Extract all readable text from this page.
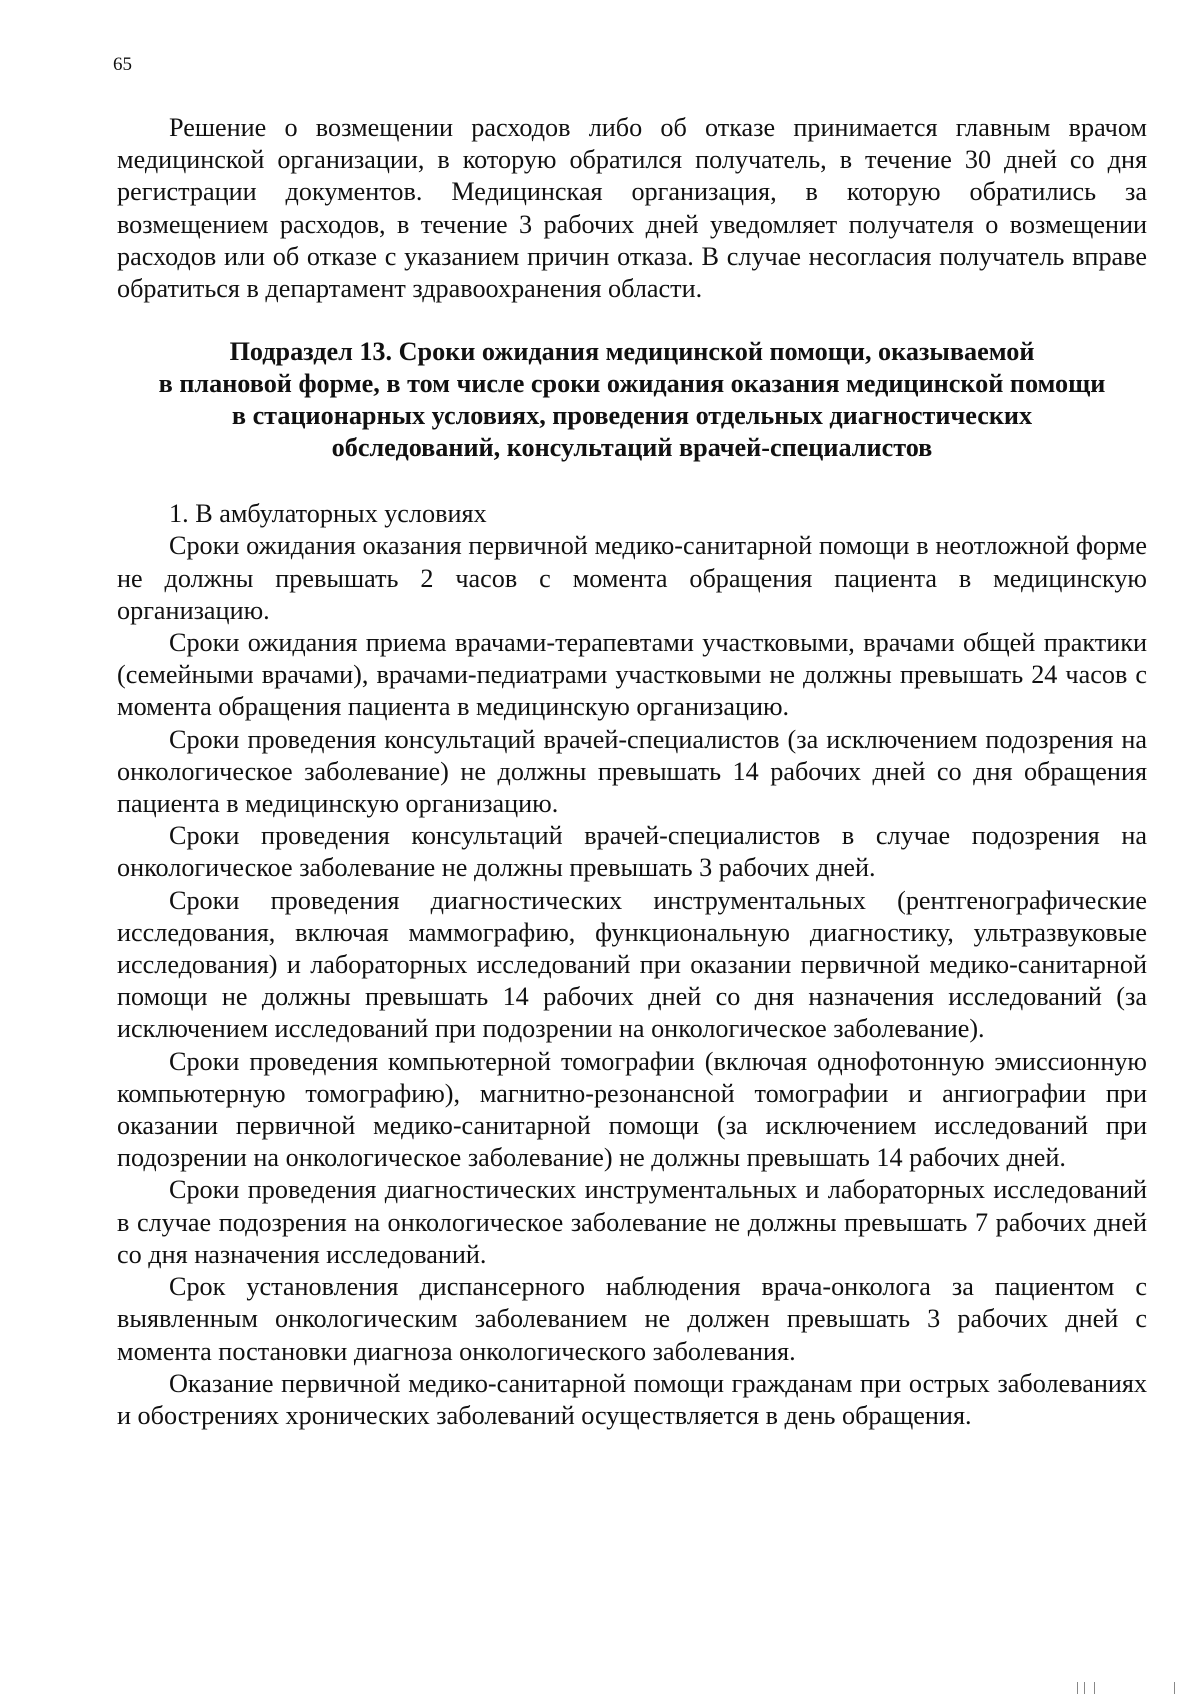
65

Решение о возмещении расходов либо об отказе принимается главным врачом медицинской организации, в которую обратился получатель, в течение 30 дней со дня регистрации документов. Медицинская организация, в которую обратились за возмещением расходов, в течение 3 рабочих дней уведомляет получателя о возмещении расходов или об отказе с указанием причин отказа. В случае несогласия получатель вправе обратиться в департамент здравоохранения области.

Подраздел 13. Сроки ожидания медицинской помощи, оказываемой
в плановой форме, в том числе сроки ожидания оказания медицинской помощи
в стационарных условиях, проведения отдельных диагностических
обследований, консультаций врачей-специалистов

1. В амбулаторных условиях

Сроки ожидания оказания первичной медико-санитарной помощи в неотложной форме не должны превышать 2 часов с момента обращения пациента в медицинскую организацию.

Сроки ожидания приема врачами-терапевтами участковыми, врачами общей практики (семейными врачами), врачами-педиатрами участковыми не должны превышать 24 часов с момента обращения пациента в медицинскую организацию.

Сроки проведения консультаций врачей-специалистов (за исключением подозрения на онкологическое заболевание) не должны превышать 14 рабочих дней со дня обращения пациента в медицинскую организацию.

Сроки проведения консультаций врачей-специалистов в случае подозрения на онкологическое заболевание не должны превышать 3 рабочих дней.

Сроки проведения диагностических инструментальных (рентгенографические исследования, включая маммографию, функциональную диагностику, ультразвуковые исследования) и лабораторных исследований при оказании первичной медико-санитарной помощи не должны превышать 14 рабочих дней со дня назначения исследований (за исключением исследований при подозрении на онкологическое заболевание).

Сроки проведения компьютерной томографии (включая однофотонную эмиссионную компьютерную томографию), магнитно-резонансной томографии и ангиографии при оказании первичной медико-санитарной помощи (за исключением исследований при подозрении на онкологическое заболевание) не должны превышать 14 рабочих дней.

Сроки проведения диагностических инструментальных и лабораторных исследований в случае подозрения на онкологическое заболевание не должны превышать 7 рабочих дней со дня назначения исследований.

Срок установления диспансерного наблюдения врача-онколога за пациентом с выявленным онкологическим заболеванием не должен превышать 3 рабочих дней с момента постановки диагноза онкологического заболевания.

Оказание первичной медико-санитарной помощи гражданам при острых заболеваниях и обострениях хронических заболеваний осуществляется в день обращения.
